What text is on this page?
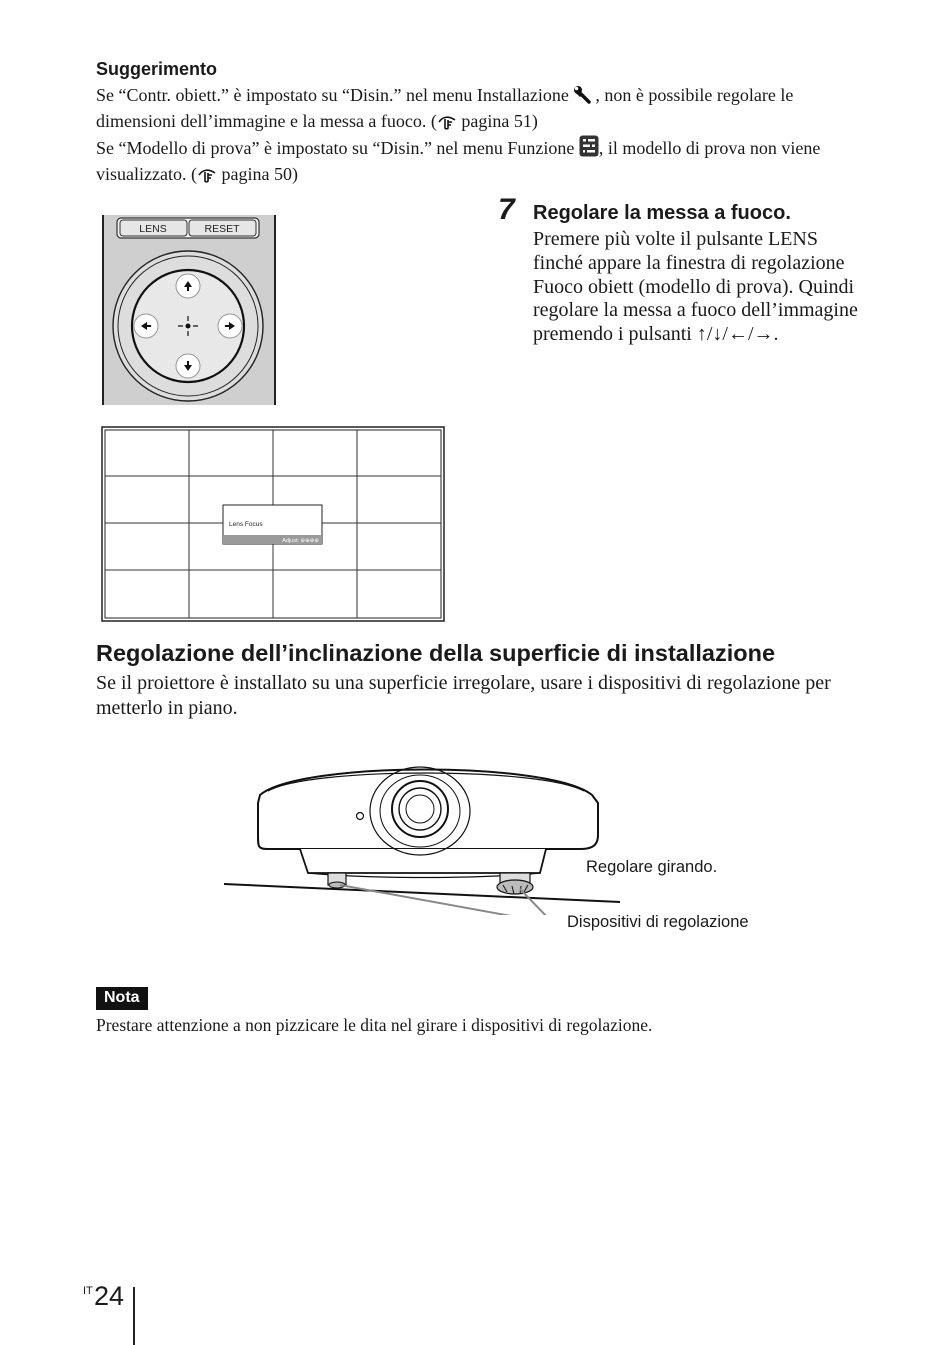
Suggerimento
Se “Contr. obiett.” è impostato su “Disin.” nel menu Installazione , non è possibile regolare le dimensioni dell’immagine e la messa a fuoco. ( pagina 51)
Se “Modello di prova” è impostato su “Disin.” nel menu Funzione , il modello di prova non viene visualizzato. ( pagina 50)
LENS	RESET
Lens Focus
Adjust: ⊕⊕⊕⊕
7 Regolare la messa a fuoco.
Premere più volte il pulsante LENS finché appare la finestra di regolazione Fuoco obiett (modello di prova). Quindi regolare la messa a fuoco dell’immagine premendo i pulsanti ↑/↓/←/→.
Regolazione dell’inclinazione della superficie di installazione
Se il proiettore è installato su una superficie irregolare, usare i dispositivi di regolazione per metterlo in piano.
Regolare girando.
Dispositivi di regolazione
Nota
Prestare attenzione a non pizzicare le dita nel girare i dispositivi di regolazione.
IT 24
